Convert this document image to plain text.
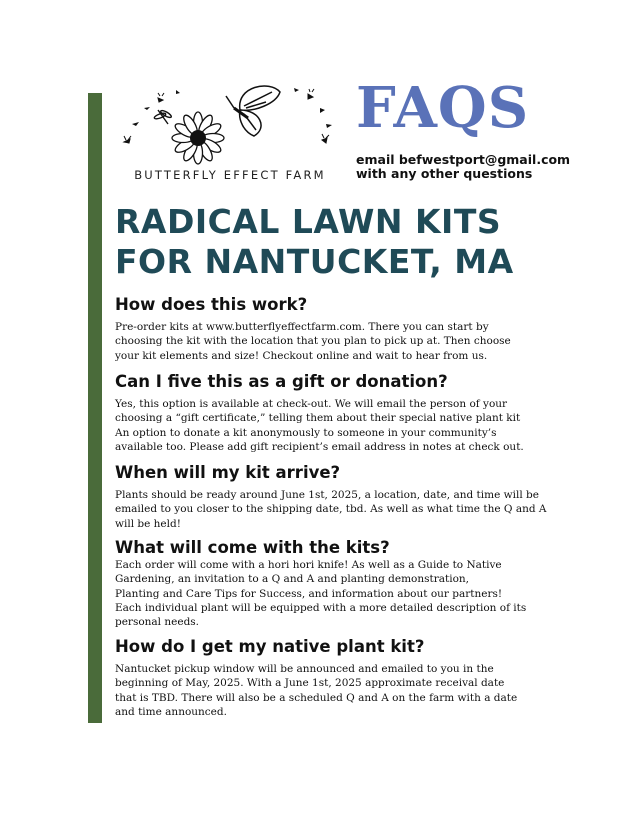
BUTTERFLY EFFECT FARM
FAQS
email befwestport@gmail.com
with any other questions
RADICAL LAWN KITS
FOR NANTUCKET, MA
How does this work?
Pre-order kits at www.butterflyeffectfarm.com. There you can start by
choosing the kit with the location that you plan to pick up at. Then choose
your kit elements and size! Checkout online and wait to hear from us.
Can I five this as a gift or donation?
Yes, this option is available at check-out. We will email the person of your
choosing a “gift certificate,” telling them about their special native plant kit
An option to donate a kit anonymously to someone in your community’s
available too. Please add gift recipient’s email address in notes at check out.
When will my kit arrive?
Plants should be ready around June 1st, 2025, a location, date, and time will be
emailed to you closer to the shipping date, tbd. As well as what time the Q and A
will be held!
What will come with the kits?
Each order will come with a hori hori knife! As well as a Guide to Native
Gardening, an invitation to a Q and A and planting demonstration,
Planting and Care Tips for Success, and information about our partners!
Each individual plant will be equipped with a more detailed description of its
personal needs.
How do I get my native plant kit?
Nantucket pickup window will be announced and emailed to you in the
beginning of May, 2025. With a June 1st, 2025 approximate receival date
that is TBD. There will also be a scheduled Q and A on the farm with a date
and time announced.
